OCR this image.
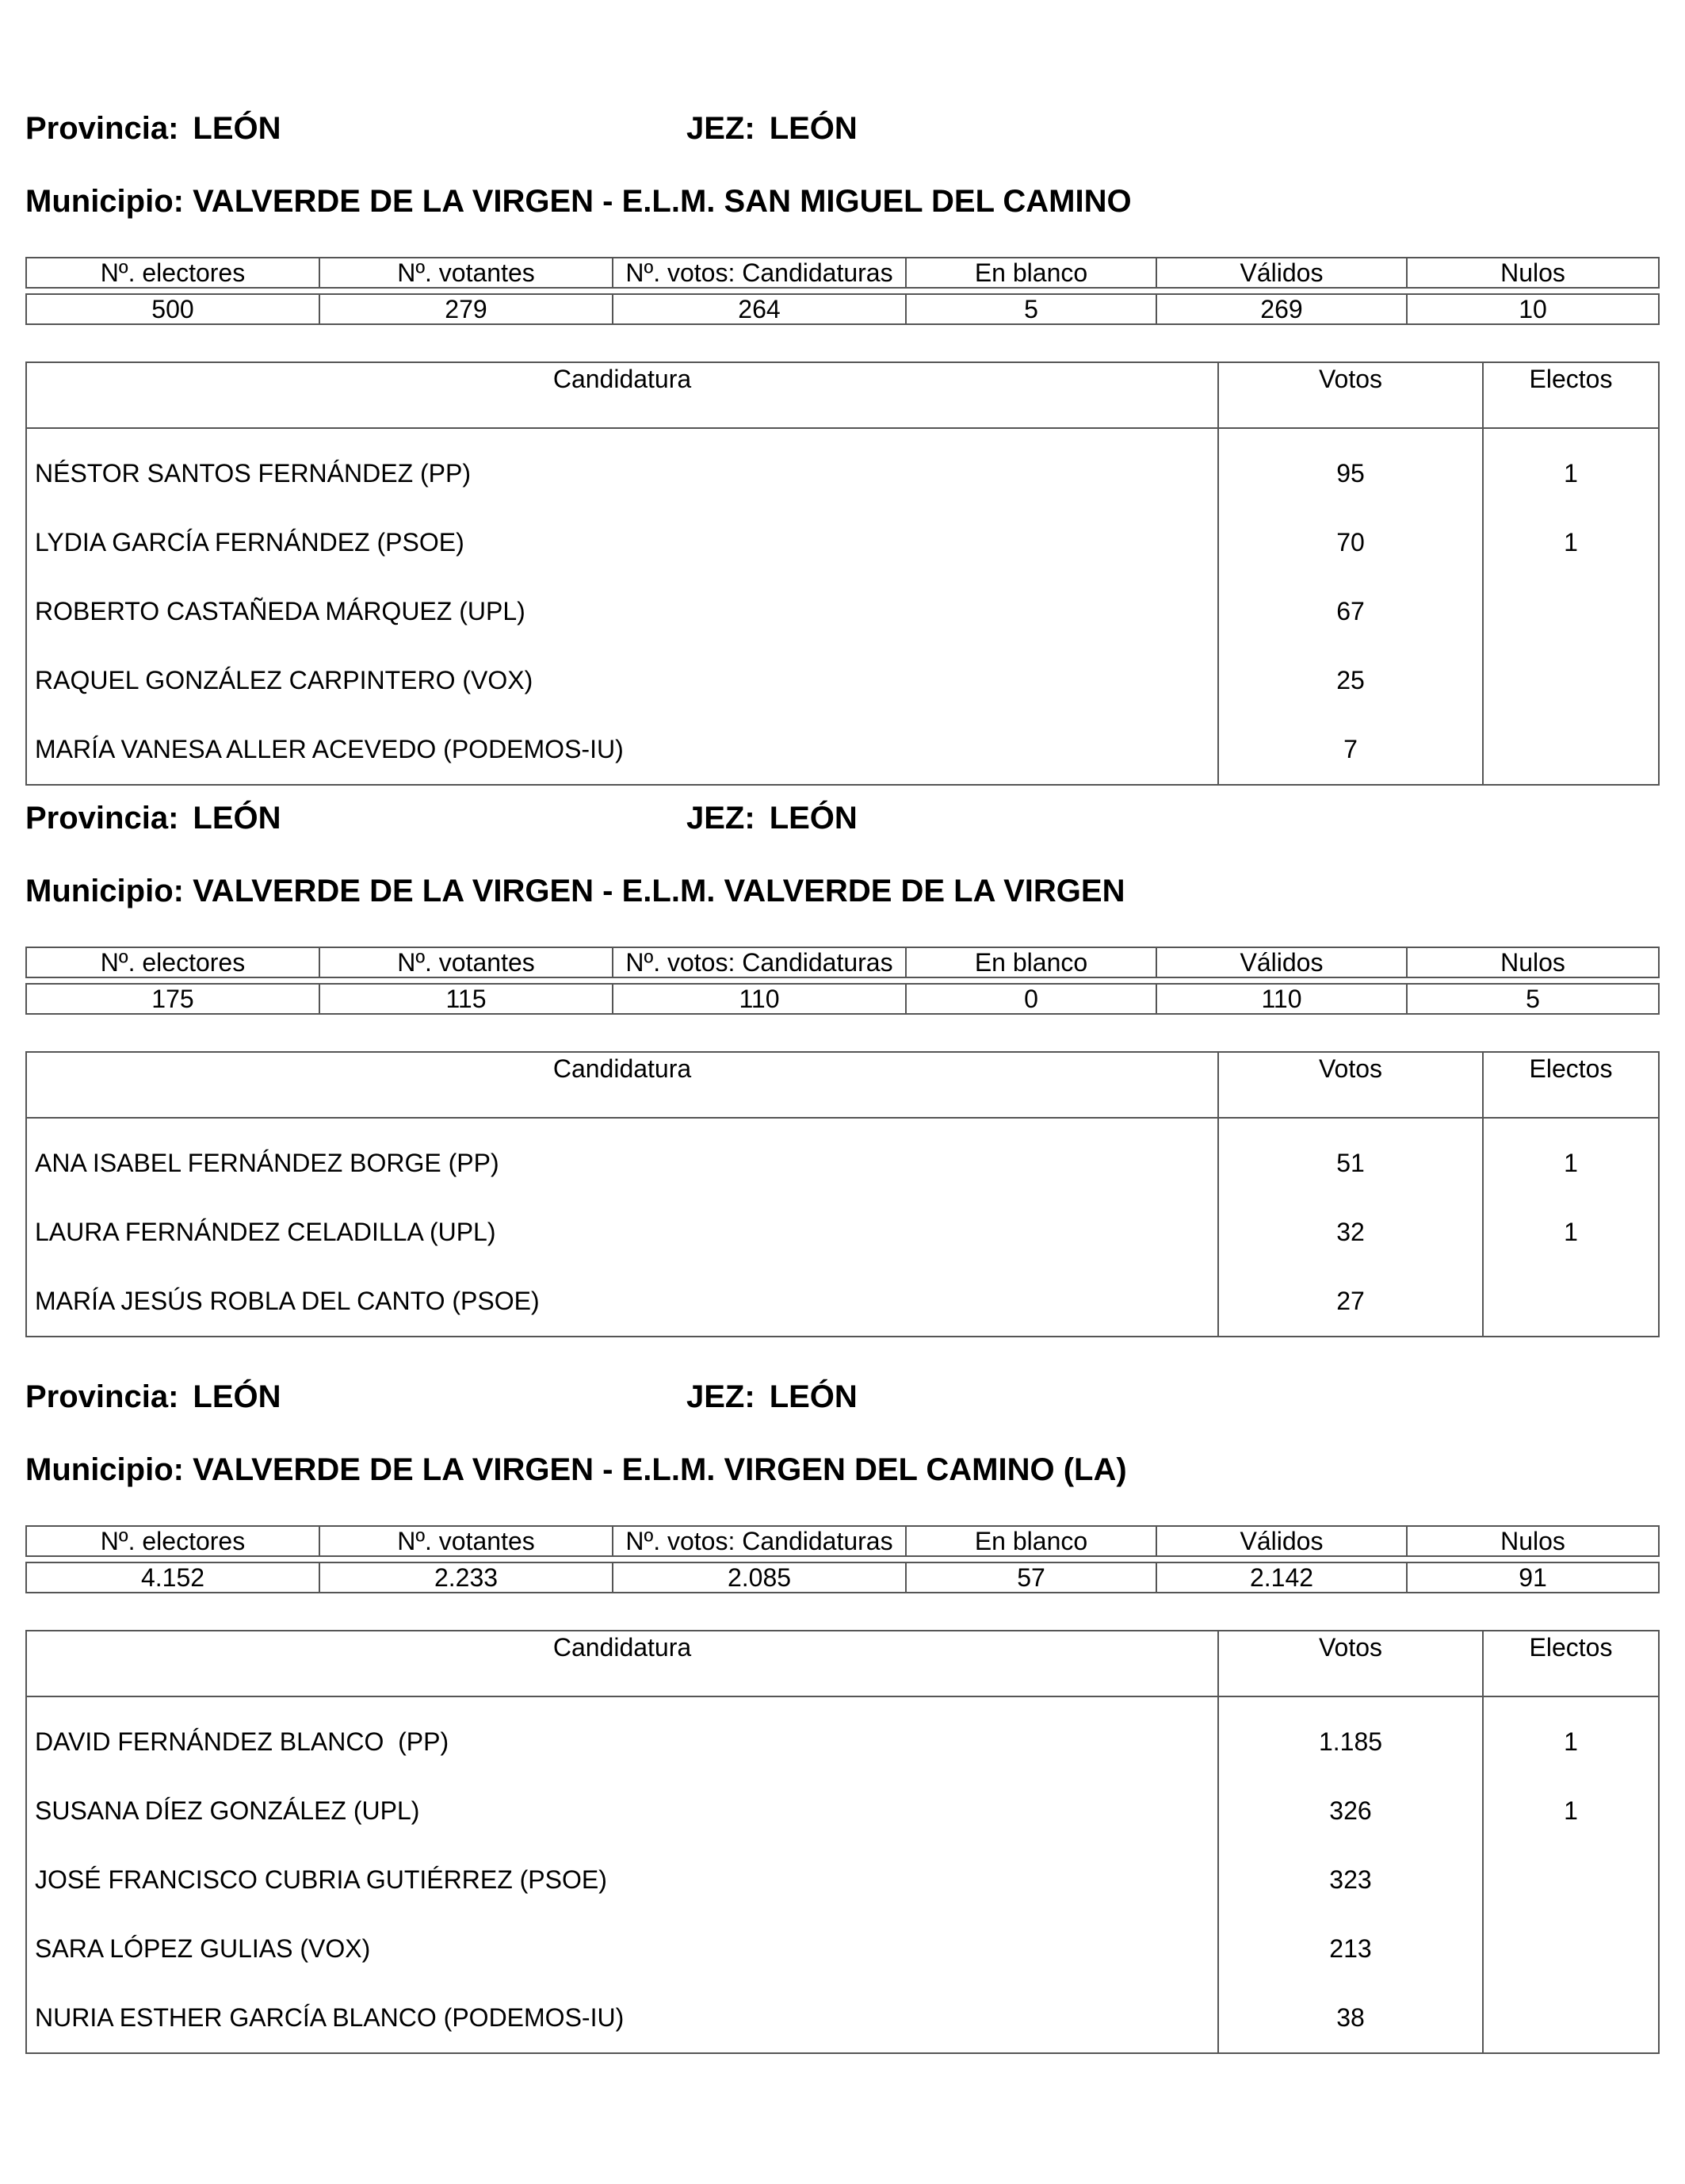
Provincia: LEÓN	JEZ: LEÓN
Municipio: VALVERDE DE LA VIRGEN - E.L.M. SAN MIGUEL DEL CAMINO
Nº. electores	Nº. votantes	Nº. votos: Candidaturas	En blanco	Válidos	Nulos

500	279	264	5	269	10
Candidatura	Votos	Electos
NÉSTOR SANTOS FERNÁNDEZ (PP)	95	1
LYDIA GARCÍA FERNÁNDEZ (PSOE)	70	1
ROBERTO CASTAÑEDA MÁRQUEZ (UPL)	67	
RAQUEL GONZÁLEZ CARPINTERO (VOX)	25	
MARÍA VANESA ALLER ACEVEDO (PODEMOS-IU)	7	
Provincia: LEÓN	JEZ: LEÓN
Municipio: VALVERDE DE LA VIRGEN - E.L.M. VALVERDE DE LA VIRGEN
Nº. electores	Nº. votantes	Nº. votos: Candidaturas	En blanco	Válidos	Nulos

175	115	110	0	110	5
Candidatura	Votos	Electos
ANA ISABEL FERNÁNDEZ BORGE (PP)	51	1
LAURA FERNÁNDEZ CELADILLA (UPL)	32	1
MARÍA JESÚS ROBLA DEL CANTO (PSOE)	27	
Provincia: LEÓN	JEZ: LEÓN
Municipio: VALVERDE DE LA VIRGEN - E.L.M. VIRGEN DEL CAMINO (LA)
Nº. electores	Nº. votantes	Nº. votos: Candidaturas	En blanco	Válidos	Nulos

4.152	2.233	2.085	57	2.142	91
Candidatura	Votos	Electos
DAVID FERNÁNDEZ BLANCO  (PP)	1.185	1
SUSANA DÍEZ GONZÁLEZ (UPL)	326	1
JOSÉ FRANCISCO CUBRIA GUTIÉRREZ (PSOE)	323	
SARA LÓPEZ GULIAS (VOX)	213	
NURIA ESTHER GARCÍA BLANCO (PODEMOS-IU)	38	
